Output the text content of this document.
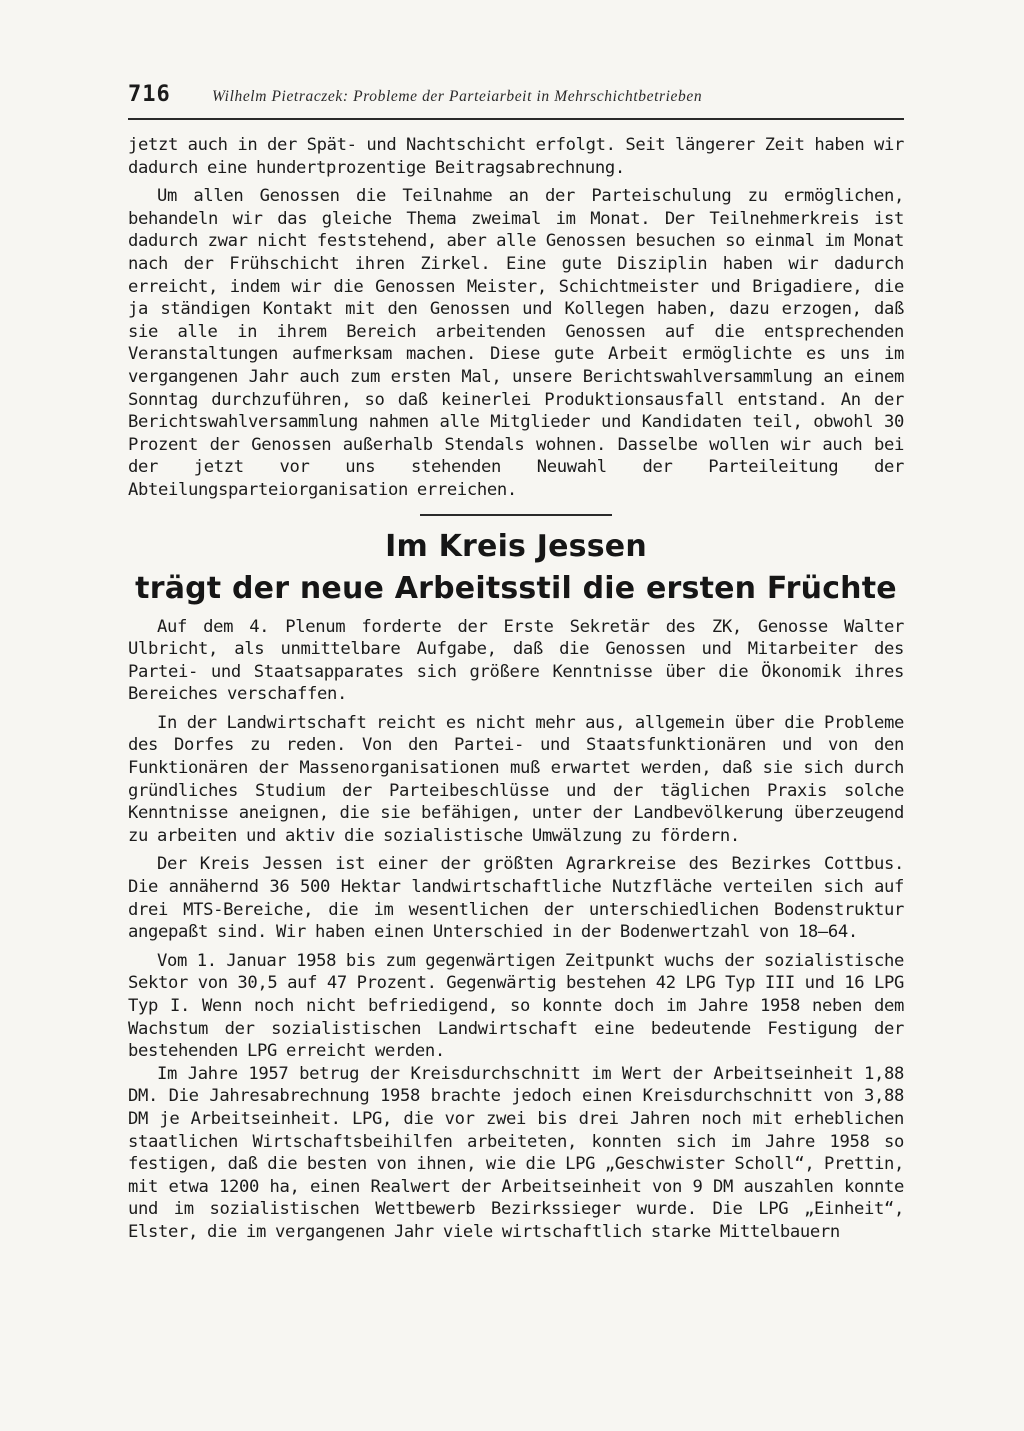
716	Wilhelm Pietraczek: Probleme der Parteiarbeit in Mehrschichtbetrieben

jetzt auch in der Spät- und Nachtschicht erfolgt. Seit längerer Zeit haben wir dadurch eine hundertprozentige Beitragsabrechnung.

Um allen Genossen die Teilnahme an der Parteischulung zu ermöglichen, behandeln wir das gleiche Thema zweimal im Monat. Der Teilnehmerkreis ist dadurch zwar nicht feststehend, aber alle Genossen besuchen so einmal im Monat nach der Frühschicht ihren Zirkel. Eine gute Disziplin haben wir dadurch erreicht, indem wir die Genossen Meister, Schichtmeister und Brigadiere, die ja ständigen Kontakt mit den Genossen und Kollegen haben, dazu erzogen, daß sie alle in ihrem Bereich arbeitenden Genossen auf die entsprechenden Veranstaltungen aufmerksam machen. Diese gute Arbeit ermöglichte es uns im vergangenen Jahr auch zum ersten Mal, unsere Berichtswahlversammlung an einem Sonntag durchzuführen, so daß keinerlei Produktionsausfall entstand. An der Berichtswahlversammlung nahmen alle Mitglieder und Kandidaten teil, obwohl 30 Prozent der Genossen außerhalb Stendals wohnen. Dasselbe wollen wir auch bei der jetzt vor uns stehenden Neuwahl der Parteileitung der Abteilungsparteiorganisation erreichen.

Im Kreis Jessen
trägt der neue Arbeitsstil die ersten Früchte

Auf dem 4. Plenum forderte der Erste Sekretär des ZK, Genosse Walter Ulbricht, als unmittelbare Aufgabe, daß die Genossen und Mitarbeiter des Partei- und Staatsapparates sich größere Kenntnisse über die Ökonomik ihres Bereiches verschaffen.

In der Landwirtschaft reicht es nicht mehr aus, allgemein über die Probleme des Dorfes zu reden. Von den Partei- und Staatsfunktionären und von den Funktionären der Massenorganisationen muß erwartet werden, daß sie sich durch gründliches Studium der Parteibeschlüsse und der täglichen Praxis solche Kenntnisse aneignen, die sie befähigen, unter der Landbevölkerung überzeugend zu arbeiten und aktiv die sozialistische Umwälzung zu fördern.

Der Kreis Jessen ist einer der größten Agrarkreise des Bezirkes Cottbus. Die annähernd 36 500 Hektar landwirtschaftliche Nutzfläche verteilen sich auf drei MTS-Bereiche, die im wesentlichen der unterschiedlichen Bodenstruktur angepaßt sind. Wir haben einen Unterschied in der Bodenwertzahl von 18–64.

Vom 1. Januar 1958 bis zum gegenwärtigen Zeitpunkt wuchs der sozialistische Sektor von 30,5 auf 47 Prozent. Gegenwärtig bestehen 42 LPG Typ III und 16 LPG Typ I. Wenn noch nicht befriedigend, so konnte doch im Jahre 1958 neben dem Wachstum der sozialistischen Landwirtschaft eine bedeutende Festigung der bestehenden LPG erreicht werden.

Im Jahre 1957 betrug der Kreisdurchschnitt im Wert der Arbeitseinheit 1,88 DM. Die Jahresabrechnung 1958 brachte jedoch einen Kreisdurchschnitt von 3,88 DM je Arbeitseinheit. LPG, die vor zwei bis drei Jahren noch mit erheblichen staatlichen Wirtschaftsbeihilfen arbeiteten, konnten sich im Jahre 1958 so festigen, daß die besten von ihnen, wie die LPG „Geschwister Scholl“, Prettin, mit etwa 1200 ha, einen Realwert der Arbeitseinheit von 9 DM auszahlen konnte und im sozialistischen Wettbewerb Bezirkssieger wurde. Die LPG „Einheit“, Elster, die im vergangenen Jahr viele wirtschaftlich starke Mittelbauern
